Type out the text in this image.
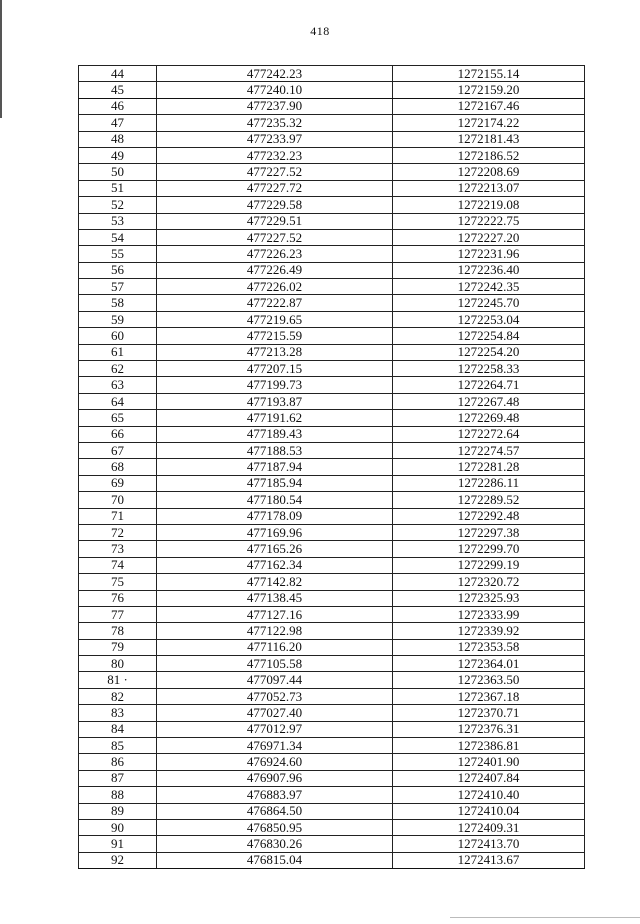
418
44	477242.23	1272155.14
45	477240.10	1272159.20
46	477237.90	1272167.46
47	477235.32	1272174.22
48	477233.97	1272181.43
49	477232.23	1272186.52
50	477227.52	1272208.69
51	477227.72	1272213.07
52	477229.58	1272219.08
53	477229.51	1272222.75
54	477227.52	1272227.20
55	477226.23	1272231.96
56	477226.49	1272236.40
57	477226.02	1272242.35
58	477222.87	1272245.70
59	477219.65	1272253.04
60	477215.59	1272254.84
61	477213.28	1272254.20
62	477207.15	1272258.33
63	477199.73	1272264.71
64	477193.87	1272267.48
65	477191.62	1272269.48
66	477189.43	1272272.64
67	477188.53	1272274.57
68	477187.94	1272281.28
69	477185.94	1272286.11
70	477180.54	1272289.52
71	477178.09	1272292.48
72	477169.96	1272297.38
73	477165.26	1272299.70
74	477162.34	1272299.19
75	477142.82	1272320.72
76	477138.45	1272325.93
77	477127.16	1272333.99
78	477122.98	1272339.92
79	477116.20	1272353.58
80	477105.58	1272364.01
81 ·	477097.44	1272363.50
82	477052.73	1272367.18
83	477027.40	1272370.71
84	477012.97	1272376.31
85	476971.34	1272386.81
86	476924.60	1272401.90
87	476907.96	1272407.84
88	476883.97	1272410.40
89	476864.50	1272410.04
90	476850.95	1272409.31
91	476830.26	1272413.70
92	476815.04	1272413.67
